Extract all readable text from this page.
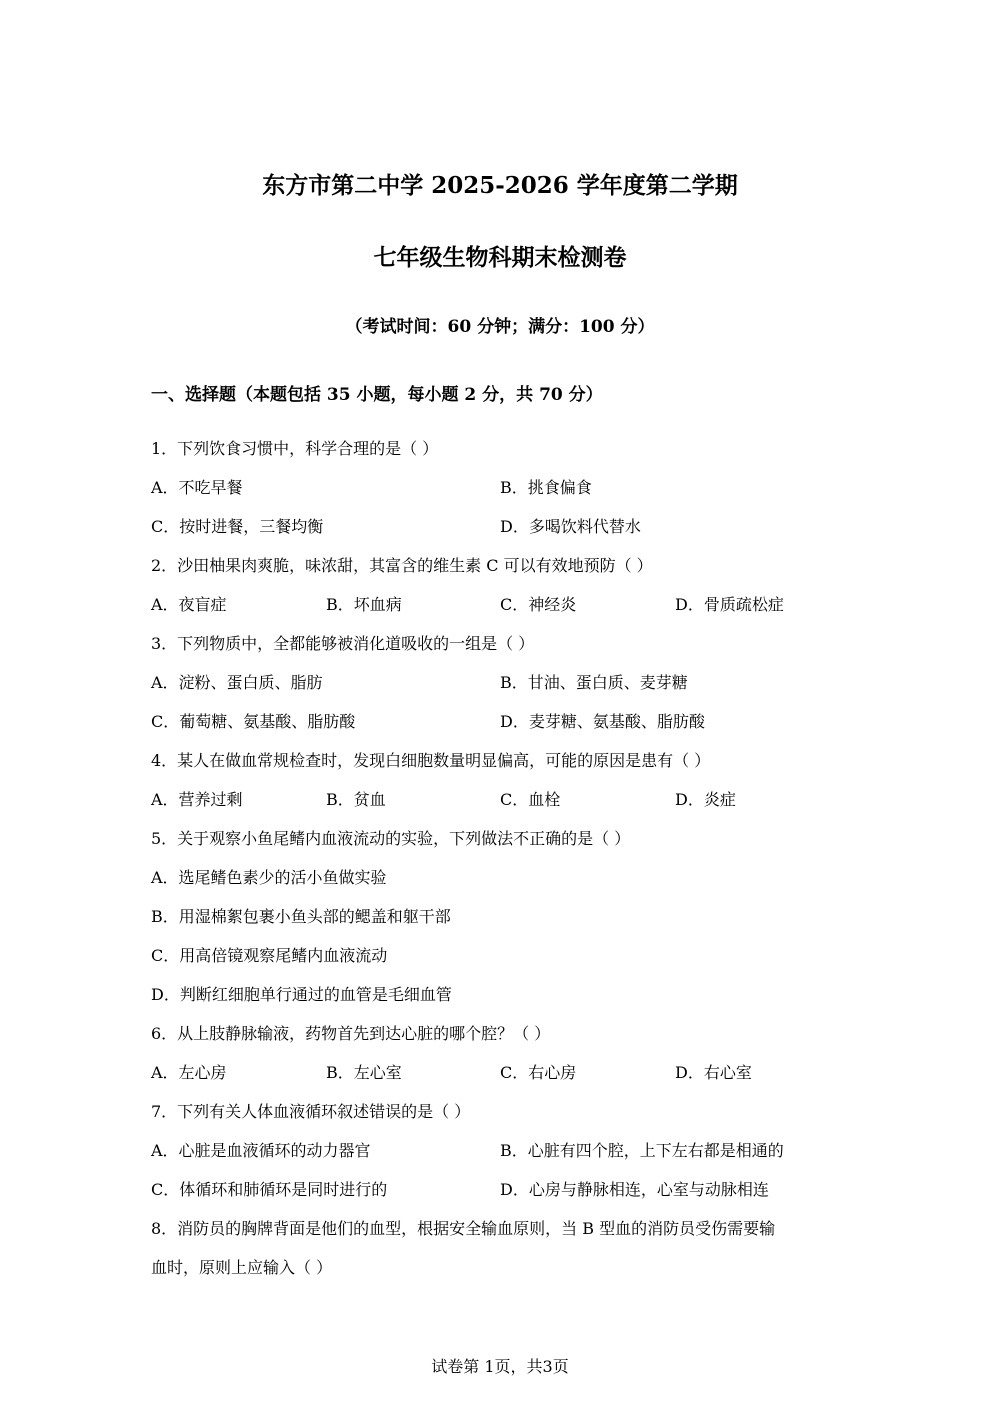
东方市第二中学 2025-2026 学年度第二学期
七年级生物科期末检测卷
（考试时间：60 分钟；满分：100 分）
一、选择题（本题包括 35 小题，每小题 2 分，共 70 分）
1．下列饮食习惯中，科学合理的是（ ）
A．不吃早餐	B．挑食偏食
C．按时进餐，三餐均衡	D．多喝饮料代替水
2．沙田柚果肉爽脆，味浓甜，其富含的维生素 C 可以有效地预防（ ）
A．夜盲症	B．坏血病	C．神经炎	D．骨质疏松症
3．下列物质中，全都能够被消化道吸收的一组是（ ）
A．淀粉、蛋白质、脂肪	B．甘油、蛋白质、麦芽糖
C．葡萄糖、氨基酸、脂肪酸	D．麦芽糖、氨基酸、脂肪酸
4．某人在做血常规检查时，发现白细胞数量明显偏高，可能的原因是患有（ ）
A．营养过剩	B．贫血	C．血栓	D．炎症
5．关于观察小鱼尾鳍内血液流动的实验，下列做法不正确的是（ ）
A．选尾鳍色素少的活小鱼做实验
B．用湿棉絮包裹小鱼头部的鳃盖和躯干部
C．用高倍镜观察尾鳍内血液流动
D．判断红细胞单行通过的血管是毛细血管
6．从上肢静脉输液，药物首先到达心脏的哪个腔？（ ）
A．左心房	B．左心室	C．右心房	D．右心室
7．下列有关人体血液循环叙述错误的是（ ）
A．心脏是血液循环的动力器官	B．心脏有四个腔，上下左右都是相通的
C．体循环和肺循环是同时进行的	D．心房与静脉相连，心室与动脉相连
8．消防员的胸牌背面是他们的血型，根据安全输血原则，当 B 型血的消防员受伤需要输
血时，原则上应输入（ ）
试卷第 1页，共3页
